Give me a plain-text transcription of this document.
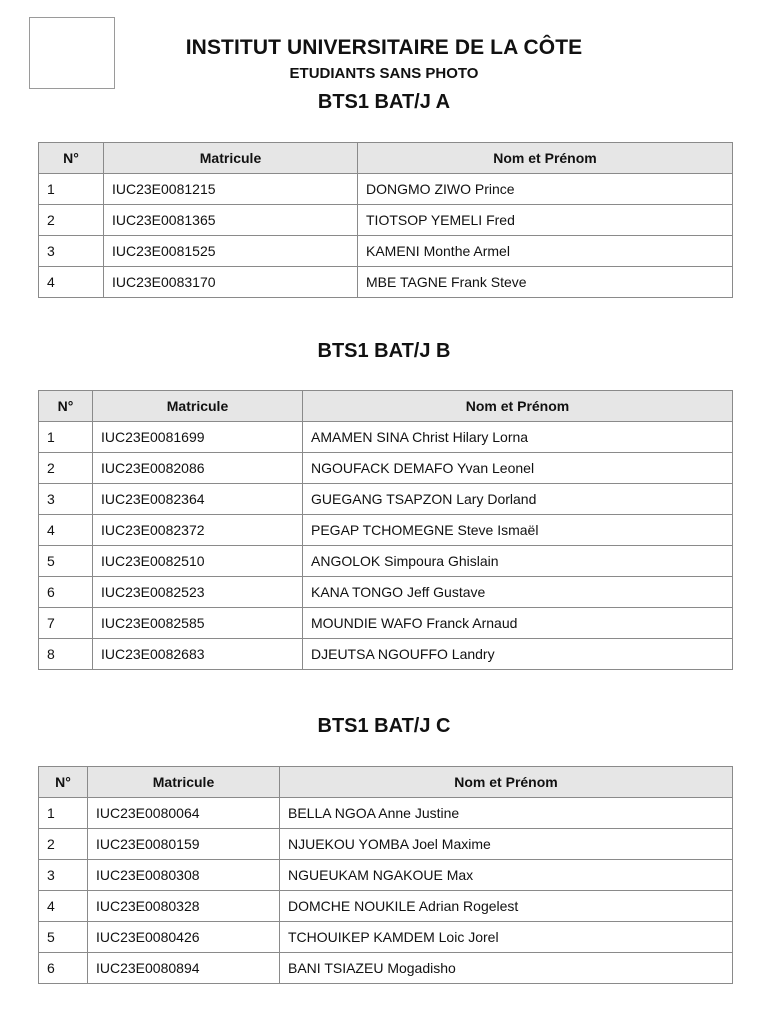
INSTITUT UNIVERSITAIRE DE LA CÔTE
ETUDIANTS SANS PHOTO
BTS1 BAT/J A
N°	Matricule	Nom et Prénom
1	IUC23E0081215	DONGMO ZIWO Prince
2	IUC23E0081365	TIOTSOP YEMELI Fred
3	IUC23E0081525	KAMENI Monthe Armel
4	IUC23E0083170	MBE TAGNE Frank Steve
BTS1 BAT/J B
N°	Matricule	Nom et Prénom
1	IUC23E0081699	AMAMEN SINA Christ Hilary Lorna
2	IUC23E0082086	NGOUFACK DEMAFO Yvan Leonel
3	IUC23E0082364	GUEGANG TSAPZON Lary Dorland
4	IUC23E0082372	PEGAP TCHOMEGNE Steve Ismaël
5	IUC23E0082510	ANGOLOK Simpoura Ghislain
6	IUC23E0082523	KANA TONGO Jeff Gustave
7	IUC23E0082585	MOUNDIE WAFO Franck Arnaud
8	IUC23E0082683	DJEUTSA NGOUFFO Landry
BTS1 BAT/J C
N°	Matricule	Nom et Prénom
1	IUC23E0080064	BELLA NGOA Anne Justine
2	IUC23E0080159	NJUEKOU YOMBA Joel Maxime
3	IUC23E0080308	NGUEUKAM NGAKOUE Max
4	IUC23E0080328	DOMCHE NOUKILE Adrian Rogelest
5	IUC23E0080426	TCHOUIKEP KAMDEM Loic Jorel
6	IUC23E0080894	BANI TSIAZEU Mogadisho
